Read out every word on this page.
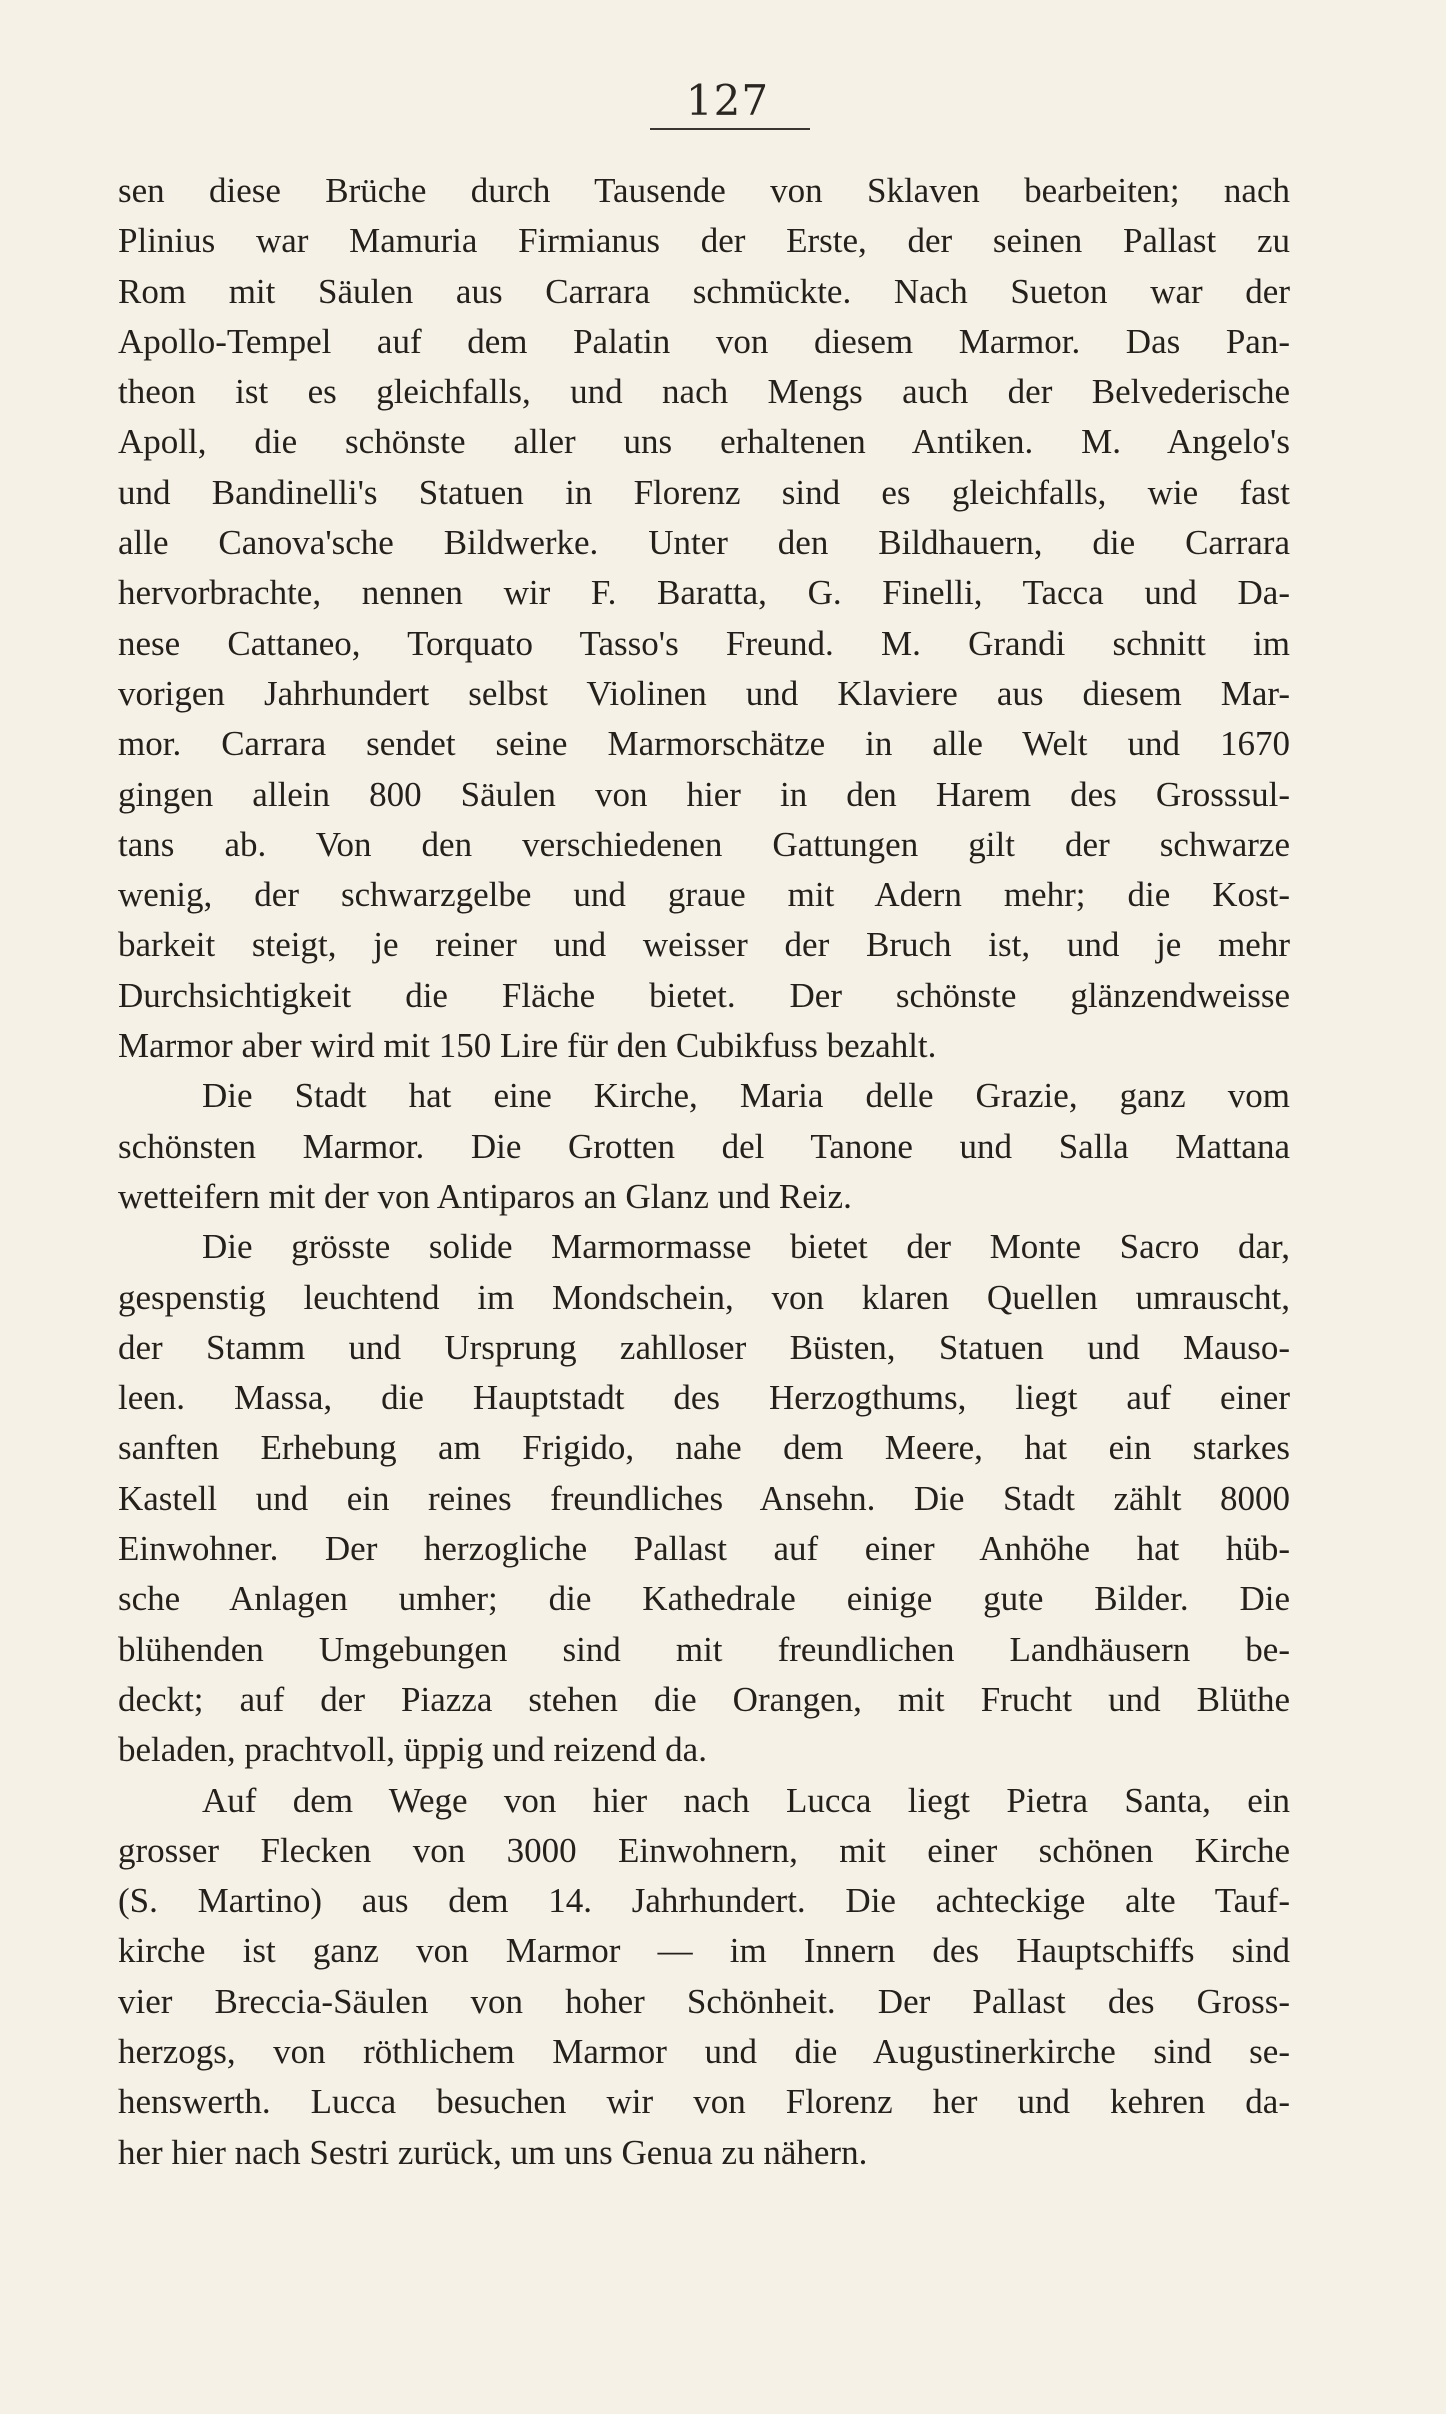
127
sen diese Brüche durch Tausende von Sklaven bearbeiten; nach
Plinius war Mamuria Firmianus der Erste, der seinen Pallast zu
Rom mit Säulen aus Carrara schmückte. Nach Sueton war der
Apollo-Tempel auf dem Palatin von diesem Marmor. Das Pan-
theon ist es gleichfalls, und nach Mengs auch der Belvederische
Apoll, die schönste aller uns erhaltenen Antiken. M. Angelo's
und Bandinelli's Statuen in Florenz sind es gleichfalls, wie fast
alle Canova'sche Bildwerke. Unter den Bildhauern, die Carrara
hervorbrachte, nennen wir F. Baratta, G. Finelli, Tacca und Da-
nese Cattaneo, Torquato Tasso's Freund. M. Grandi schnitt im
vorigen Jahrhundert selbst Violinen und Klaviere aus diesem Mar-
mor. Carrara sendet seine Marmorschätze in alle Welt und 1670
gingen allein 800 Säulen von hier in den Harem des Grosssul-
tans ab. Von den verschiedenen Gattungen gilt der schwarze
wenig, der schwarzgelbe und graue mit Adern mehr; die Kost-
barkeit steigt, je reiner und weisser der Bruch ist, und je mehr
Durchsichtigkeit die Fläche bietet. Der schönste glänzendweisse
Marmor aber wird mit 150 Lire für den Cubikfuss bezahlt.
Die Stadt hat eine Kirche, Maria delle Grazie, ganz vom
schönsten Marmor. Die Grotten del Tanone und Salla Mattana
wetteifern mit der von Antiparos an Glanz und Reiz.
Die grösste solide Marmormasse bietet der Monte Sacro dar,
gespenstig leuchtend im Mondschein, von klaren Quellen umrauscht,
der Stamm und Ursprung zahlloser Büsten, Statuen und Mauso-
leen. Massa, die Hauptstadt des Herzogthums, liegt auf einer
sanften Erhebung am Frigido, nahe dem Meere, hat ein starkes
Kastell und ein reines freundliches Ansehn. Die Stadt zählt 8000
Einwohner. Der herzogliche Pallast auf einer Anhöhe hat hüb-
sche Anlagen umher; die Kathedrale einige gute Bilder. Die
blühenden Umgebungen sind mit freundlichen Landhäusern be-
deckt; auf der Piazza stehen die Orangen, mit Frucht und Blüthe
beladen, prachtvoll, üppig und reizend da.
Auf dem Wege von hier nach Lucca liegt Pietra Santa, ein
grosser Flecken von 3000 Einwohnern, mit einer schönen Kirche
(S. Martino) aus dem 14. Jahrhundert. Die achteckige alte Tauf-
kirche ist ganz von Marmor — im Innern des Hauptschiffs sind
vier Breccia-Säulen von hoher Schönheit. Der Pallast des Gross-
herzogs, von röthlichem Marmor und die Augustinerkirche sind se-
henswerth. Lucca besuchen wir von Florenz her und kehren da-
her hier nach Sestri zurück, um uns Genua zu nähern.
